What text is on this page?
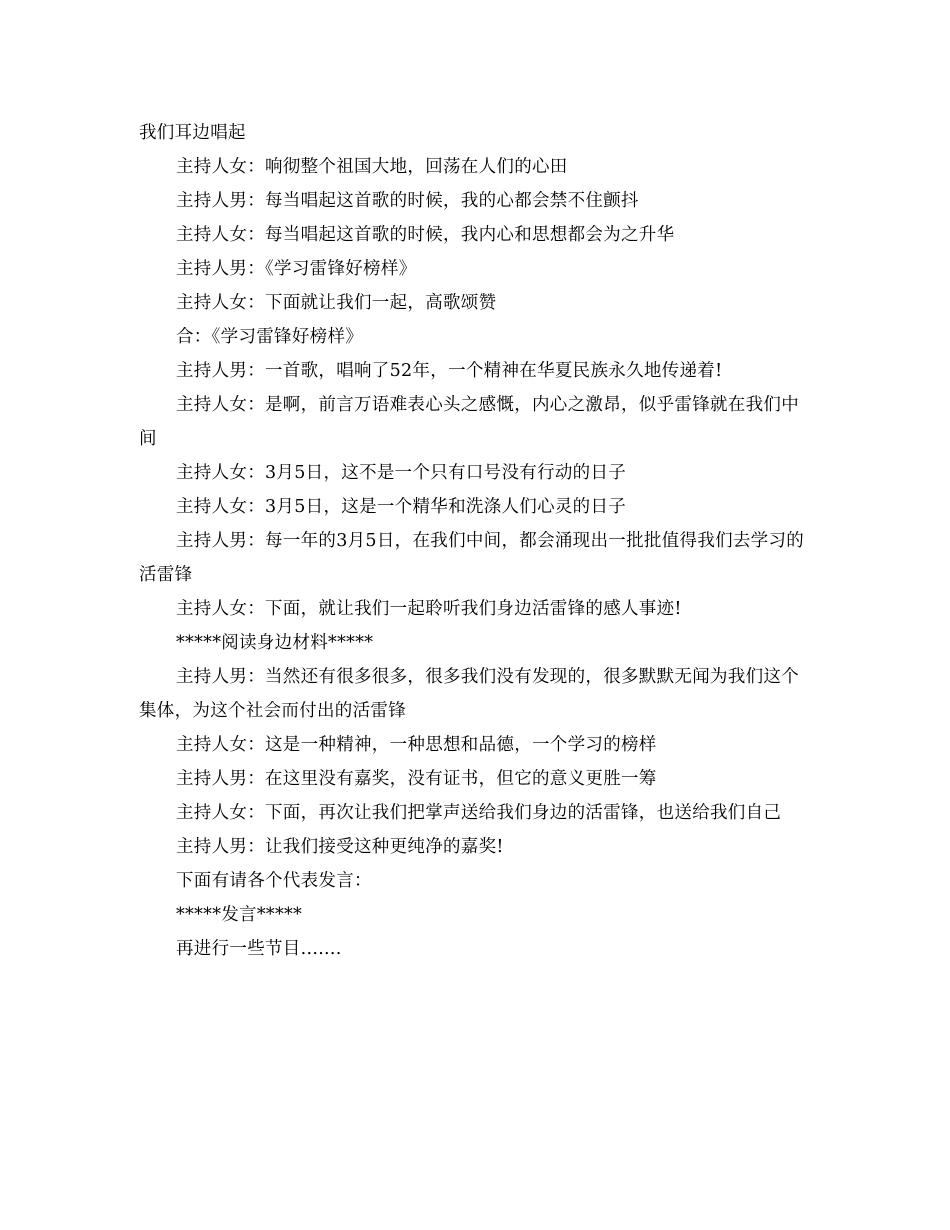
我们耳边唱起

主持人女：响彻整个祖国大地，回荡在人们的心田

主持人男：每当唱起这首歌的时候，我的心都会禁不住颤抖

主持人女：每当唱起这首歌的时候，我内心和思想都会为之升华

主持人男：《学习雷锋好榜样》

主持人女：下面就让我们一起，高歌颂赞

合：《学习雷锋好榜样》

主持人男：一首歌，唱响了52年，一个精神在华夏民族永久地传递着!

主持人女：是啊，前言万语难表心头之感慨，内心之激昂，似乎雷锋就在我们中间

主持人女：3月5日，这不是一个只有口号没有行动的日子

主持人女：3月5日，这是一个精华和洗涤人们心灵的日子

主持人男：每一年的3月5日，在我们中间，都会涌现出一批批值得我们去学习的活雷锋

主持人女：下面，就让我们一起聆听我们身边活雷锋的感人事迹!

*****阅读身边材料*****

主持人男：当然还有很多很多，很多我们没有发现的，很多默默无闻为我们这个集体，为这个社会而付出的活雷锋

主持人女：这是一种精神，一种思想和品德，一个学习的榜样

主持人男：在这里没有嘉奖，没有证书，但它的意义更胜一筹

主持人女：下面，再次让我们把掌声送给我们身边的活雷锋，也送给我们自己

主持人男：让我们接受这种更纯净的嘉奖!

下面有请各个代表发言：

*****发言*****

再进行一些节目.......
